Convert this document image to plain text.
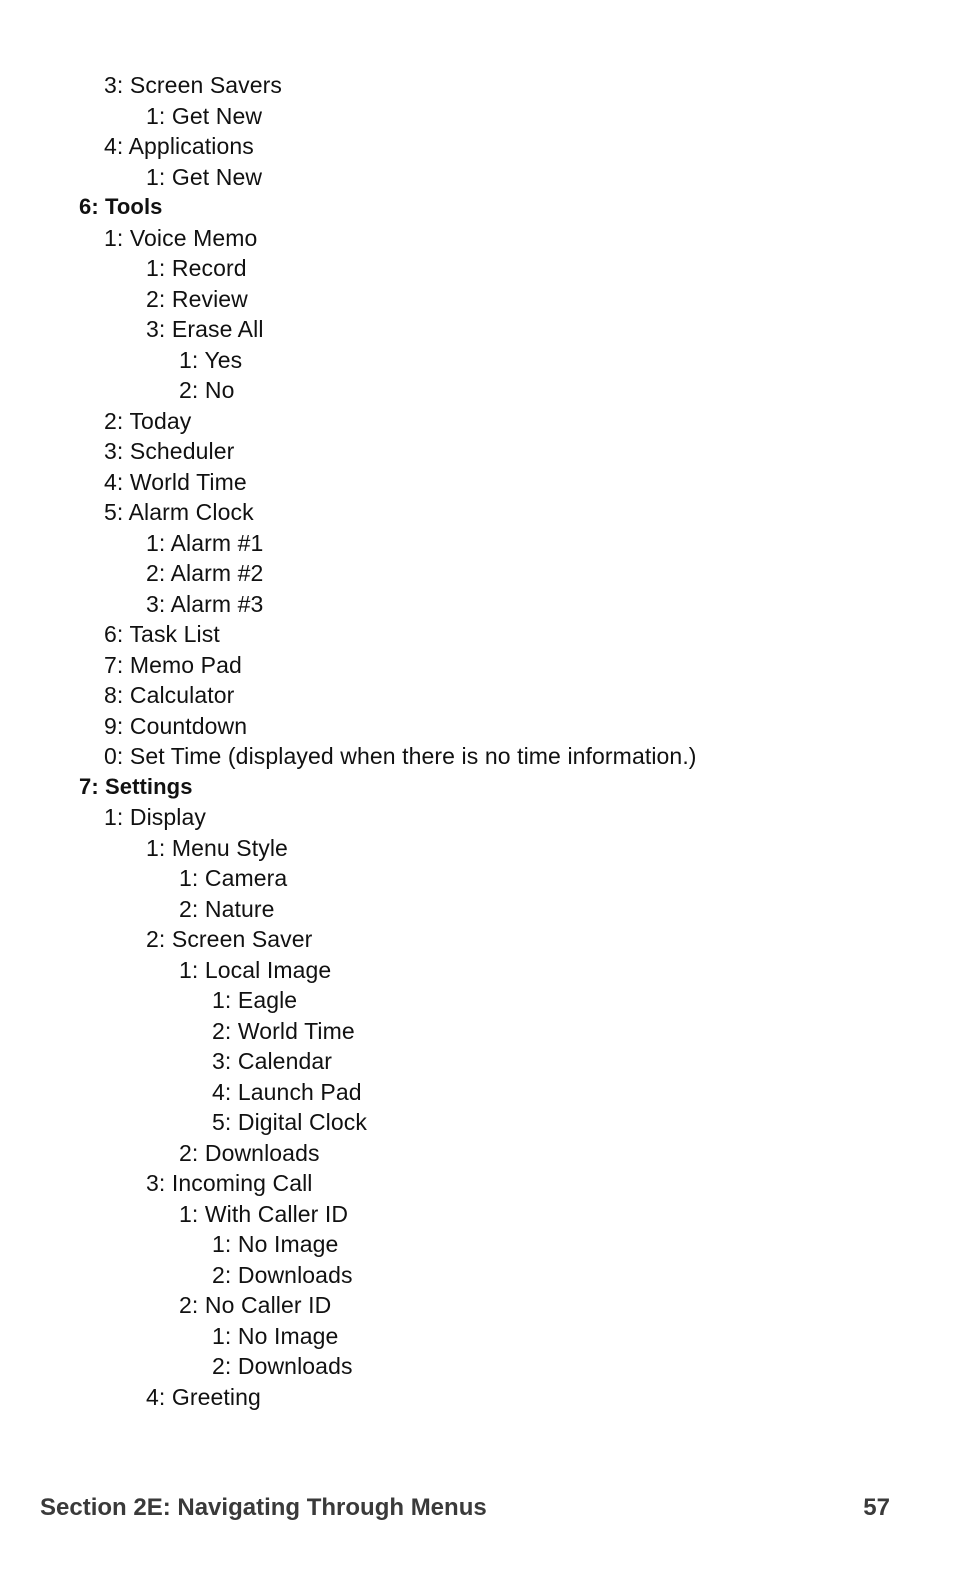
3: Screen Savers
1: Get New
4: Applications
1: Get New
6: Tools
1: Voice Memo
1: Record
2: Review
3: Erase All
1: Yes
2: No
2: Today
3: Scheduler
4: World Time
5: Alarm Clock
1: Alarm #1
2: Alarm #2
3: Alarm #3
6: Task List
7: Memo Pad
8: Calculator
9: Countdown
0: Set Time (displayed when there is no time information.)
7: Settings
1: Display
1: Menu Style
1: Camera
2: Nature
2: Screen Saver
1: Local Image
1: Eagle
2: World Time
3: Calendar
4: Launch Pad
5: Digital Clock
2: Downloads
3: Incoming Call
1: With Caller ID
1: No Image
2: Downloads
2: No Caller ID
1: No Image
2: Downloads
4: Greeting
Section 2E: Navigating Through Menus	57
